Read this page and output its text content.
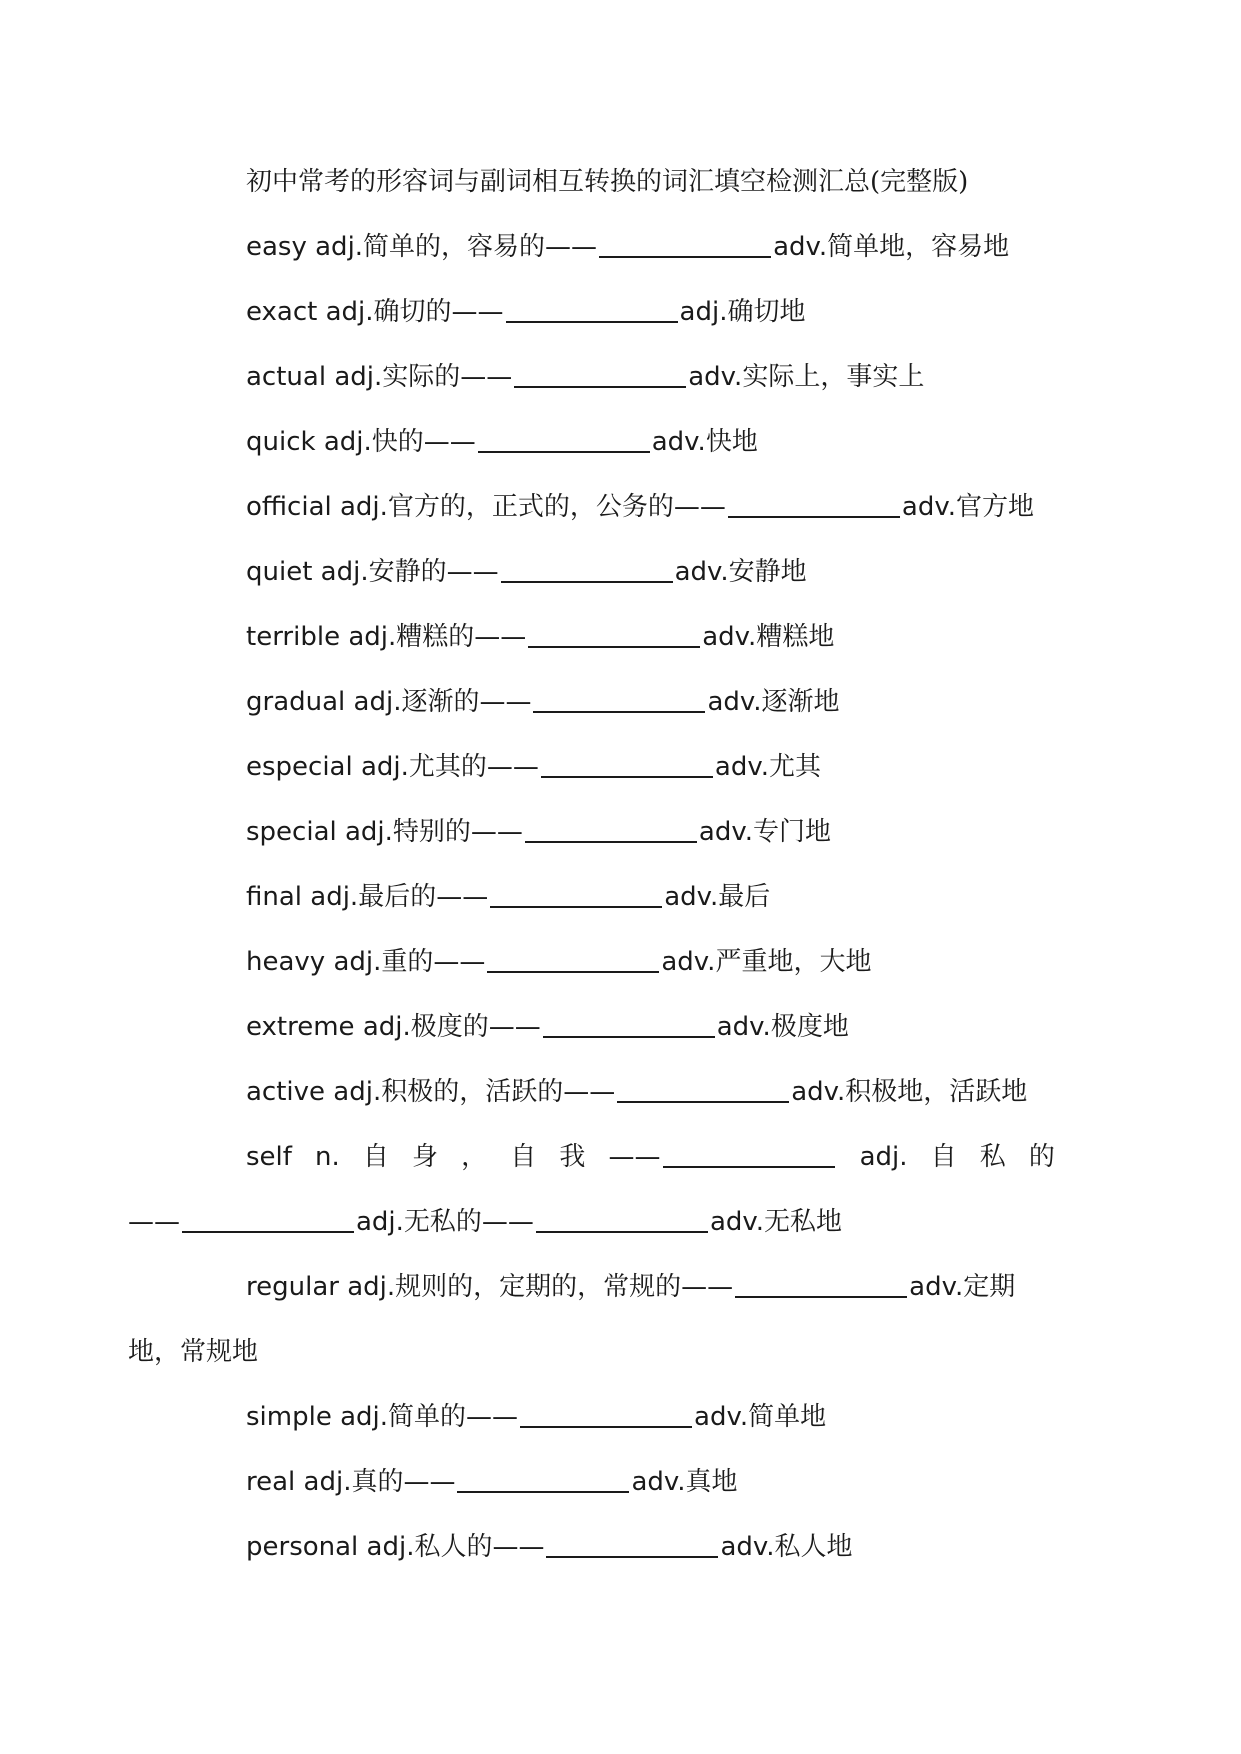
初中常考的形容词与副词相互转换的词汇填空检测汇总(完整版)
easy adj.简单的，容易的——	adv.简单地，容易地
exact adj.确切的——	adj.确切地
actual adj.实际的——	adv.实际上，事实上
quick adj.快的——	adv.快地
official adj.官方的，正式的，公务的——	adv.官方地
quiet adj.安静的——	adv.安静地
terrible adj.糟糕的——	adv.糟糕地
gradual adj.逐渐的——	adv.逐渐地
especial adj.尤其的——	adv.尤其
special adj.特别的——	adv.专门地
final adj.最后的——	adv.最后
heavy adj.重的——	adv.严重地，大地
extreme adj.极度的——	adv.极度地
active adj.积极的，活跃的——	adv.积极地，活跃地
self n. 自 身 ， 自 我 ——	adj. 自 私 的
——	adj.无私的——	adv.无私地
regular adj.规则的，定期的，常规的——	adv.定期
地，常规地
simple adj.简单的——	adv.简单地
real adj.真的——	adv.真地
personal adj.私人的——	adv.私人地
